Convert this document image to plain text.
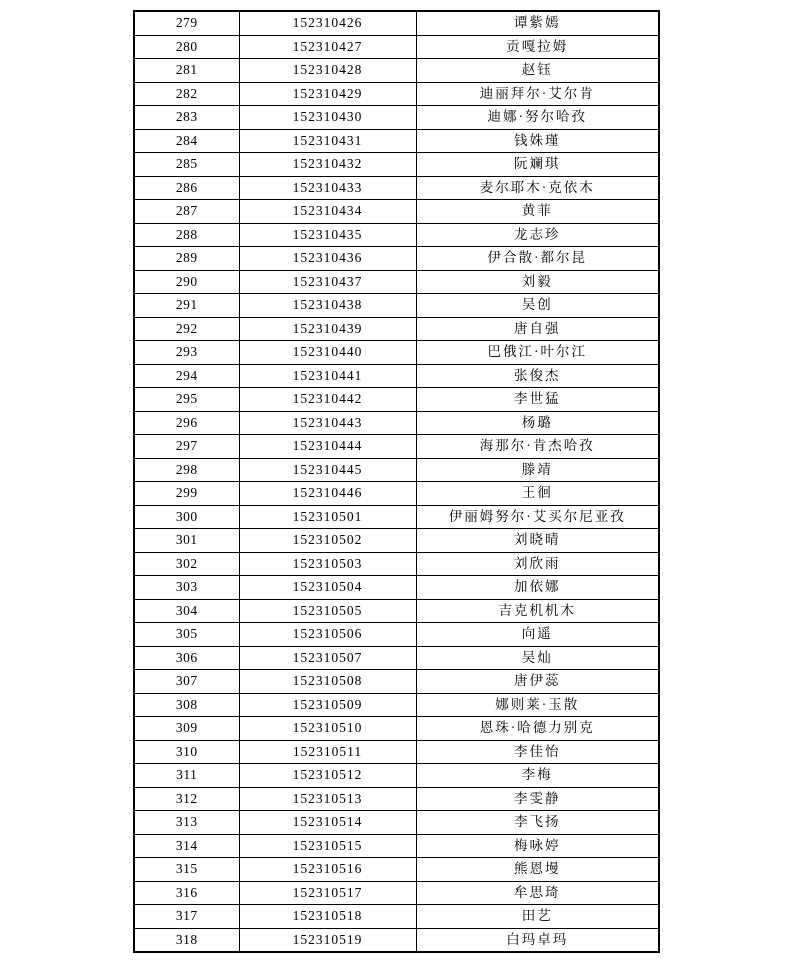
279	152310426	谭紫嫣
280	152310427	贡嘎拉姆
281	152310428	赵钰
282	152310429	迪丽拜尔·艾尔肯
283	152310430	迪娜·努尔哈孜
284	152310431	钱姝瑾
285	152310432	阮斓琪
286	152310433	麦尔耶木·克依木
287	152310434	黄菲
288	152310435	龙志珍
289	152310436	伊合散·都尔昆
290	152310437	刘毅
291	152310438	吴创
292	152310439	唐自强
293	152310440	巴俄江·叶尔江
294	152310441	张俊杰
295	152310442	李世猛
296	152310443	杨璐
297	152310444	海那尔·肯杰哈孜
298	152310445	滕靖
299	152310446	王徊
300	152310501	伊丽姆努尔·艾买尔尼亚孜
301	152310502	刘晓晴
302	152310503	刘欣雨
303	152310504	加依娜
304	152310505	吉克机机木
305	152310506	向遥
306	152310507	吴灿
307	152310508	唐伊蕊
308	152310509	娜则莱·玉散
309	152310510	恩珠·哈德力别克
310	152310511	李佳怡
311	152310512	李梅
312	152310513	李雯静
313	152310514	李飞扬
314	152310515	梅咏婷
315	152310516	熊恩墁
316	152310517	牟思琦
317	152310518	田艺
318	152310519	白玛卓玛
